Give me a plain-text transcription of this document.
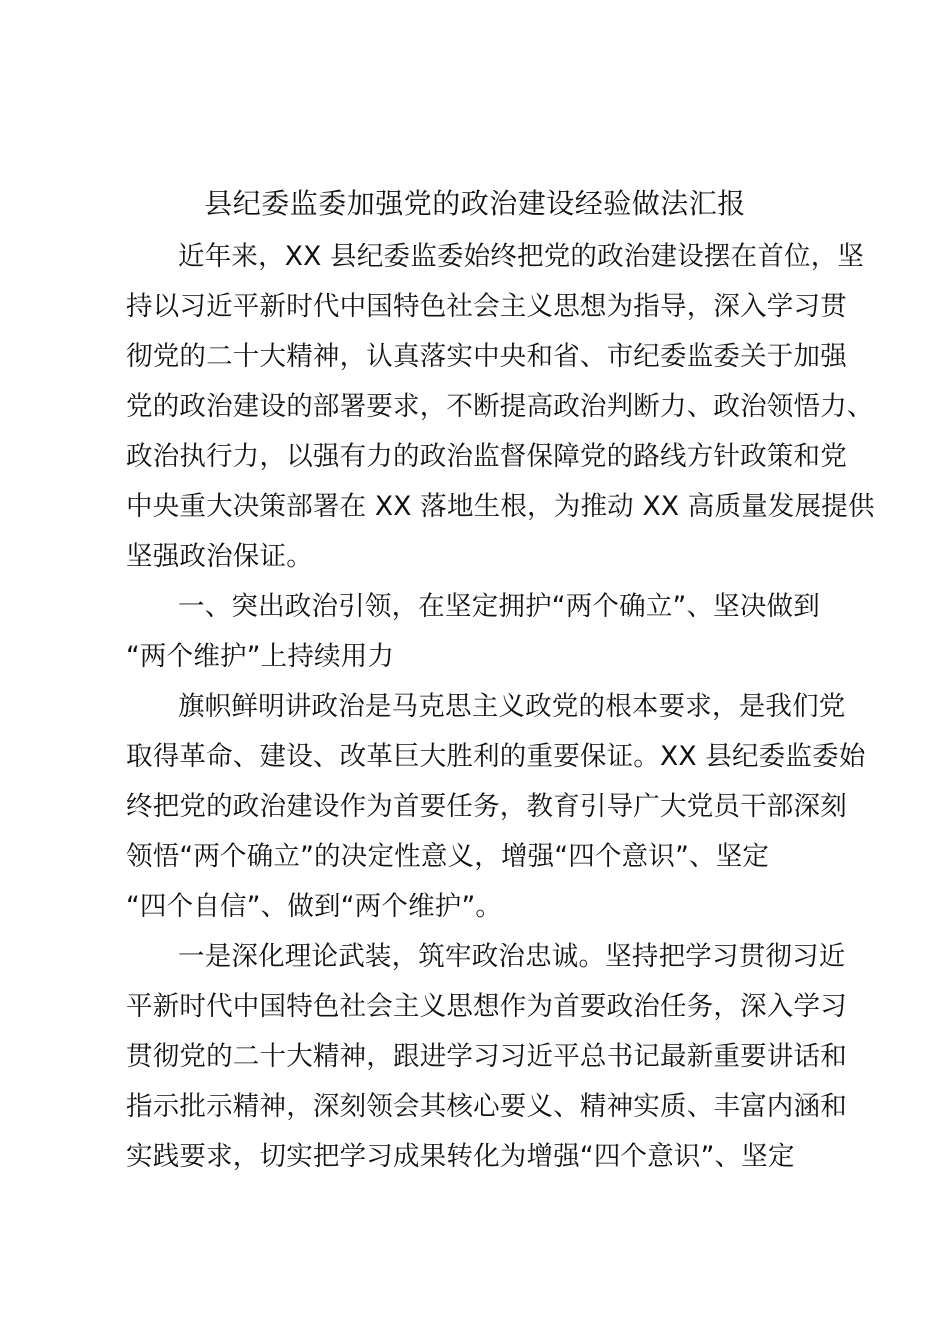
县纪委监委加强党的政治建设经验做法汇报
近年来，XX 县纪委监委始终把党的政治建设摆在首位，坚
持以习近平新时代中国特色社会主义思想为指导，深入学习贯
彻党的二十大精神，认真落实中央和省、市纪委监委关于加强
党的政治建设的部署要求，不断提高政治判断力、政治领悟力、
政治执行力，以强有力的政治监督保障党的路线方针政策和党
中央重大决策部署在 XX 落地生根，为推动 XX 高质量发展提供
坚强政治保证。
一、突出政治引领，在坚定拥护“两个确立”、坚决做到
“两个维护”上持续用力
旗帜鲜明讲政治是马克思主义政党的根本要求，是我们党
取得革命、建设、改革巨大胜利的重要保证。XX 县纪委监委始
终把党的政治建设作为首要任务，教育引导广大党员干部深刻
领悟“两个确立”的决定性意义，增强“四个意识”、坚定
“四个自信”、做到“两个维护”。
一是深化理论武装，筑牢政治忠诚。坚持把学习贯彻习近
平新时代中国特色社会主义思想作为首要政治任务，深入学习
贯彻党的二十大精神，跟进学习习近平总书记最新重要讲话和
指示批示精神，深刻领会其核心要义、精神实质、丰富内涵和
实践要求，切实把学习成果转化为增强“四个意识”、坚定
